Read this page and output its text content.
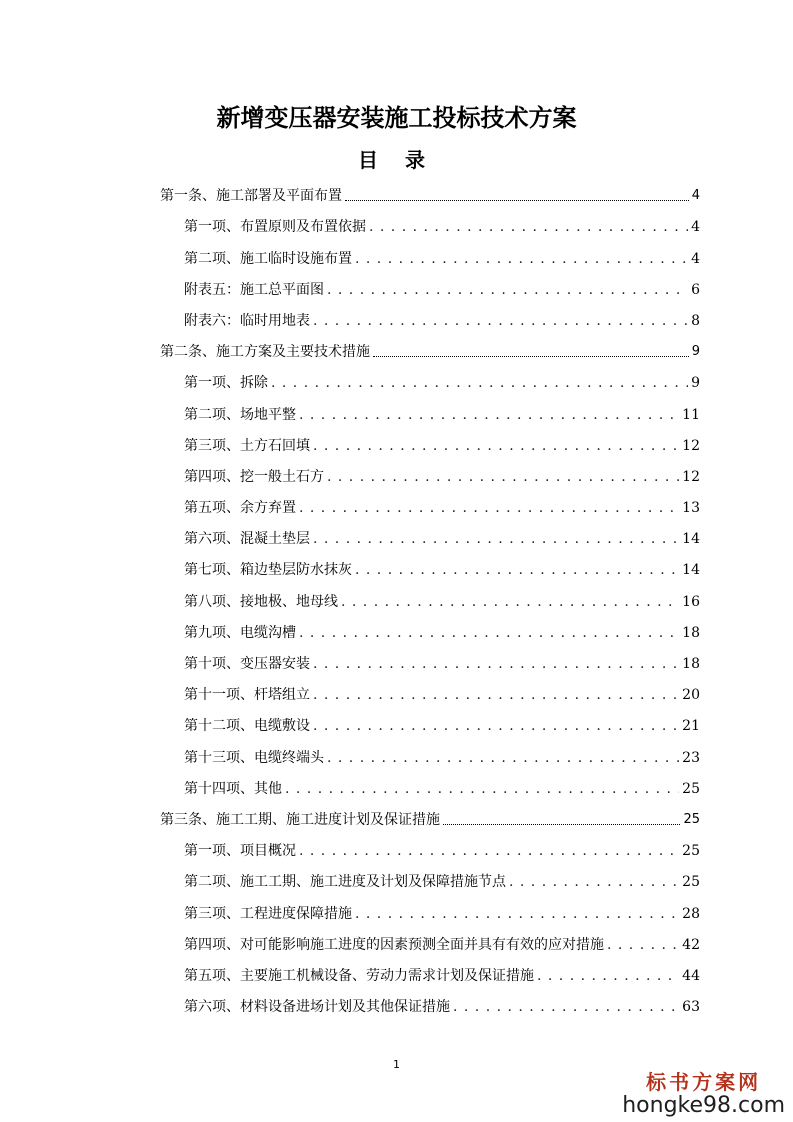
新增变压器安装施工投标技术方案
目 录
第一条、施工部署及平面布置	4
第一项、布置原则及布置依据 . . .	4
第二项、施工临时设施布置 . . .	4
附表五：施工总平面图 . . .	6
附表六：临时用地表 . . .	8
第二条、施工方案及主要技术措施	9
第一项、拆除 . . .	9
第二项、场地平整 . . .	11
第三项、土方石回填 . . .	12
第四项、挖一般土石方 . . .	12
第五项、余方弃置 . . .	13
第六项、混凝土垫层 . . .	14
第七项、箱边垫层防水抹灰 . . .	14
第八项、接地极、地母线 . . .	16
第九项、电缆沟槽 . . .	18
第十项、变压器安装 . . .	18
第十一项、杆塔组立 . . .	20
第十二项、电缆敷设 . . .	21
第十三项、电缆终端头 . . .	23
第十四项、其他 . . .	25
第三条、施工工期、施工进度计划及保证措施	25
第一项、项目概况 . . .	25
第二项、施工工期、施工进度及计划及保障措施节点 . . .	25
第三项、工程进度保障措施 . . .	28
第四项、对可能影响施工进度的因素预测全面并具有有效的应对措施 . . .	42
第五项、主要施工机械设备、劳动力需求计划及保证措施 . . .	44
第六项、材料设备进场计划及其他保证措施 . . .	63
1
标书方案网
hongke98.com
